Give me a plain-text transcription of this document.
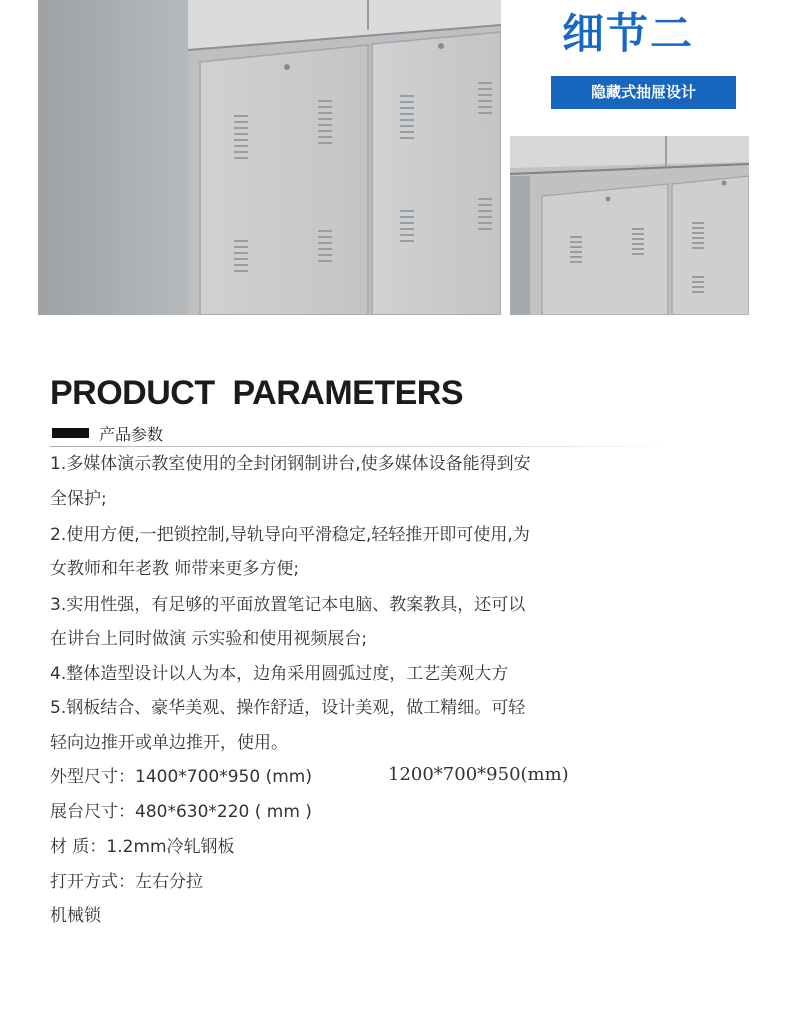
细节二
隐藏式抽屉设计
PRODUCT  PARAMETERS
产品参数
1.多媒体演示教室使用的全封闭钢制讲台,使多媒体设备能得到安
全保护;
2.使用方便,一把锁控制,导轨导向平滑稳定,轻轻推开即可使用,为
女教师和年老教 师带来更多方便;
3.实用性强，有足够的平面放置笔记本电脑、教案教具，还可以
在讲台上同时做演 示实验和使用视频展台;
4.整体造型设计以人为本，边角采用圆弧过度，工艺美观大方
5.钢板结合、豪华美观、操作舒适，设计美观，做工精细。可轻
轻向边推开或单边推开，使用。
外型尺寸：1400*700*950 (mm)
展台尺寸：480*630*220 ( mm )
材 质：1.2mm冷轧钢板
打开方式：左右分拉
机械锁
1200*700*950(mm)
